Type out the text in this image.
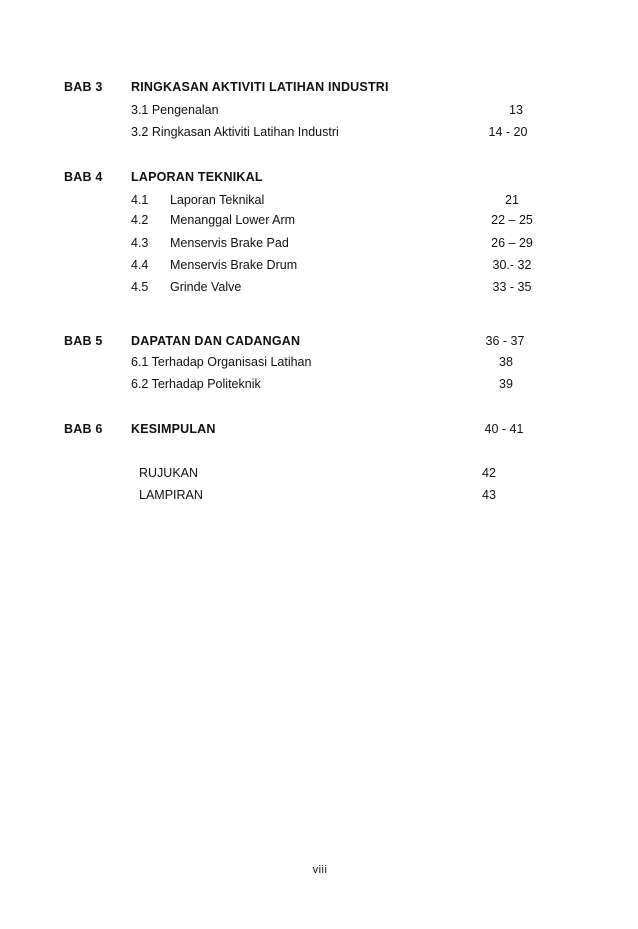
BAB 3 RINGKASAN AKTIVITI LATIHAN INDUSTRI
3.1 Pengenalan	13
3.2 Ringkasan Aktiviti Latihan Industri	14 - 20
BAB 4 LAPORAN TEKNIKAL
4.1 Laporan Teknikal	21
4.2 Menanggal Lower Arm	22 – 25
4.3 Menservis Brake Pad	26 – 29
4.4 Menservis Brake Drum	30.- 32
4.5 Grinde Valve	33 - 35
BAB 5 DAPATAN DAN CADANGAN	36 - 37
6.1 Terhadap Organisasi Latihan	38
6.2 Terhadap Politeknik	39
BAB 6 KESIMPULAN	40 - 41
RUJUKAN	42
LAMPIRAN	43
viii
